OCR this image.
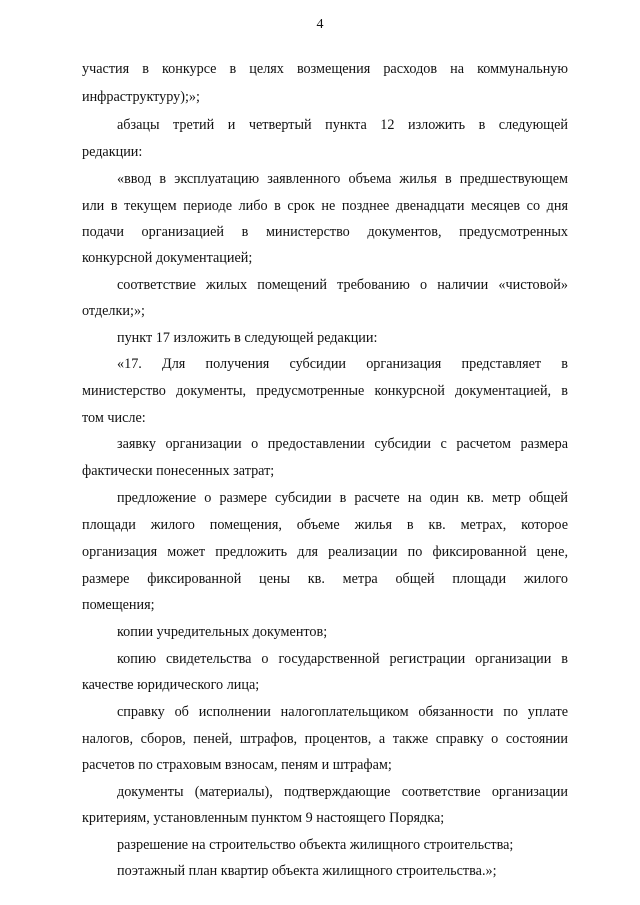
4
участия в конкурсе в целях возмещения расходов на коммунальную
инфраструктуру);»;
абзацы третий и четвертый пункта 12 изложить в следующей
редакции:
«ввод в эксплуатацию заявленного объема жилья в предшествующем
или в текущем периоде либо в срок не позднее двенадцати месяцев со дня
подачи организацией в министерство документов, предусмотренных
конкурсной документацией;
соответствие жилых помещений требованию о наличии «чистовой»
отделки;»;
пункт 17 изложить в следующей редакции:
«17. Для получения субсидии организация представляет в
министерство документы, предусмотренные конкурсной документацией, в
том числе:
заявку организации о предоставлении субсидии с расчетом размера
фактически понесенных затрат;
предложение о размере субсидии в расчете на один кв. метр общей
площади жилого помещения, объеме жилья в кв. метрах, которое
организация может предложить для реализации по фиксированной цене,
размере фиксированной цены кв. метра общей площади жилого
помещения;
копии учредительных документов;
копию свидетельства о государственной регистрации организации в
качестве юридического лица;
справку об исполнении налогоплательщиком обязанности по уплате
налогов, сборов, пеней, штрафов, процентов, а также справку о состоянии
расчетов по страховым взносам, пеням и штрафам;
документы (материалы), подтверждающие соответствие организации
критериям, установленным пунктом 9 настоящего Порядка;
разрешение на строительство объекта жилищного строительства;
поэтажный план квартир объекта жилищного строительства.»;
